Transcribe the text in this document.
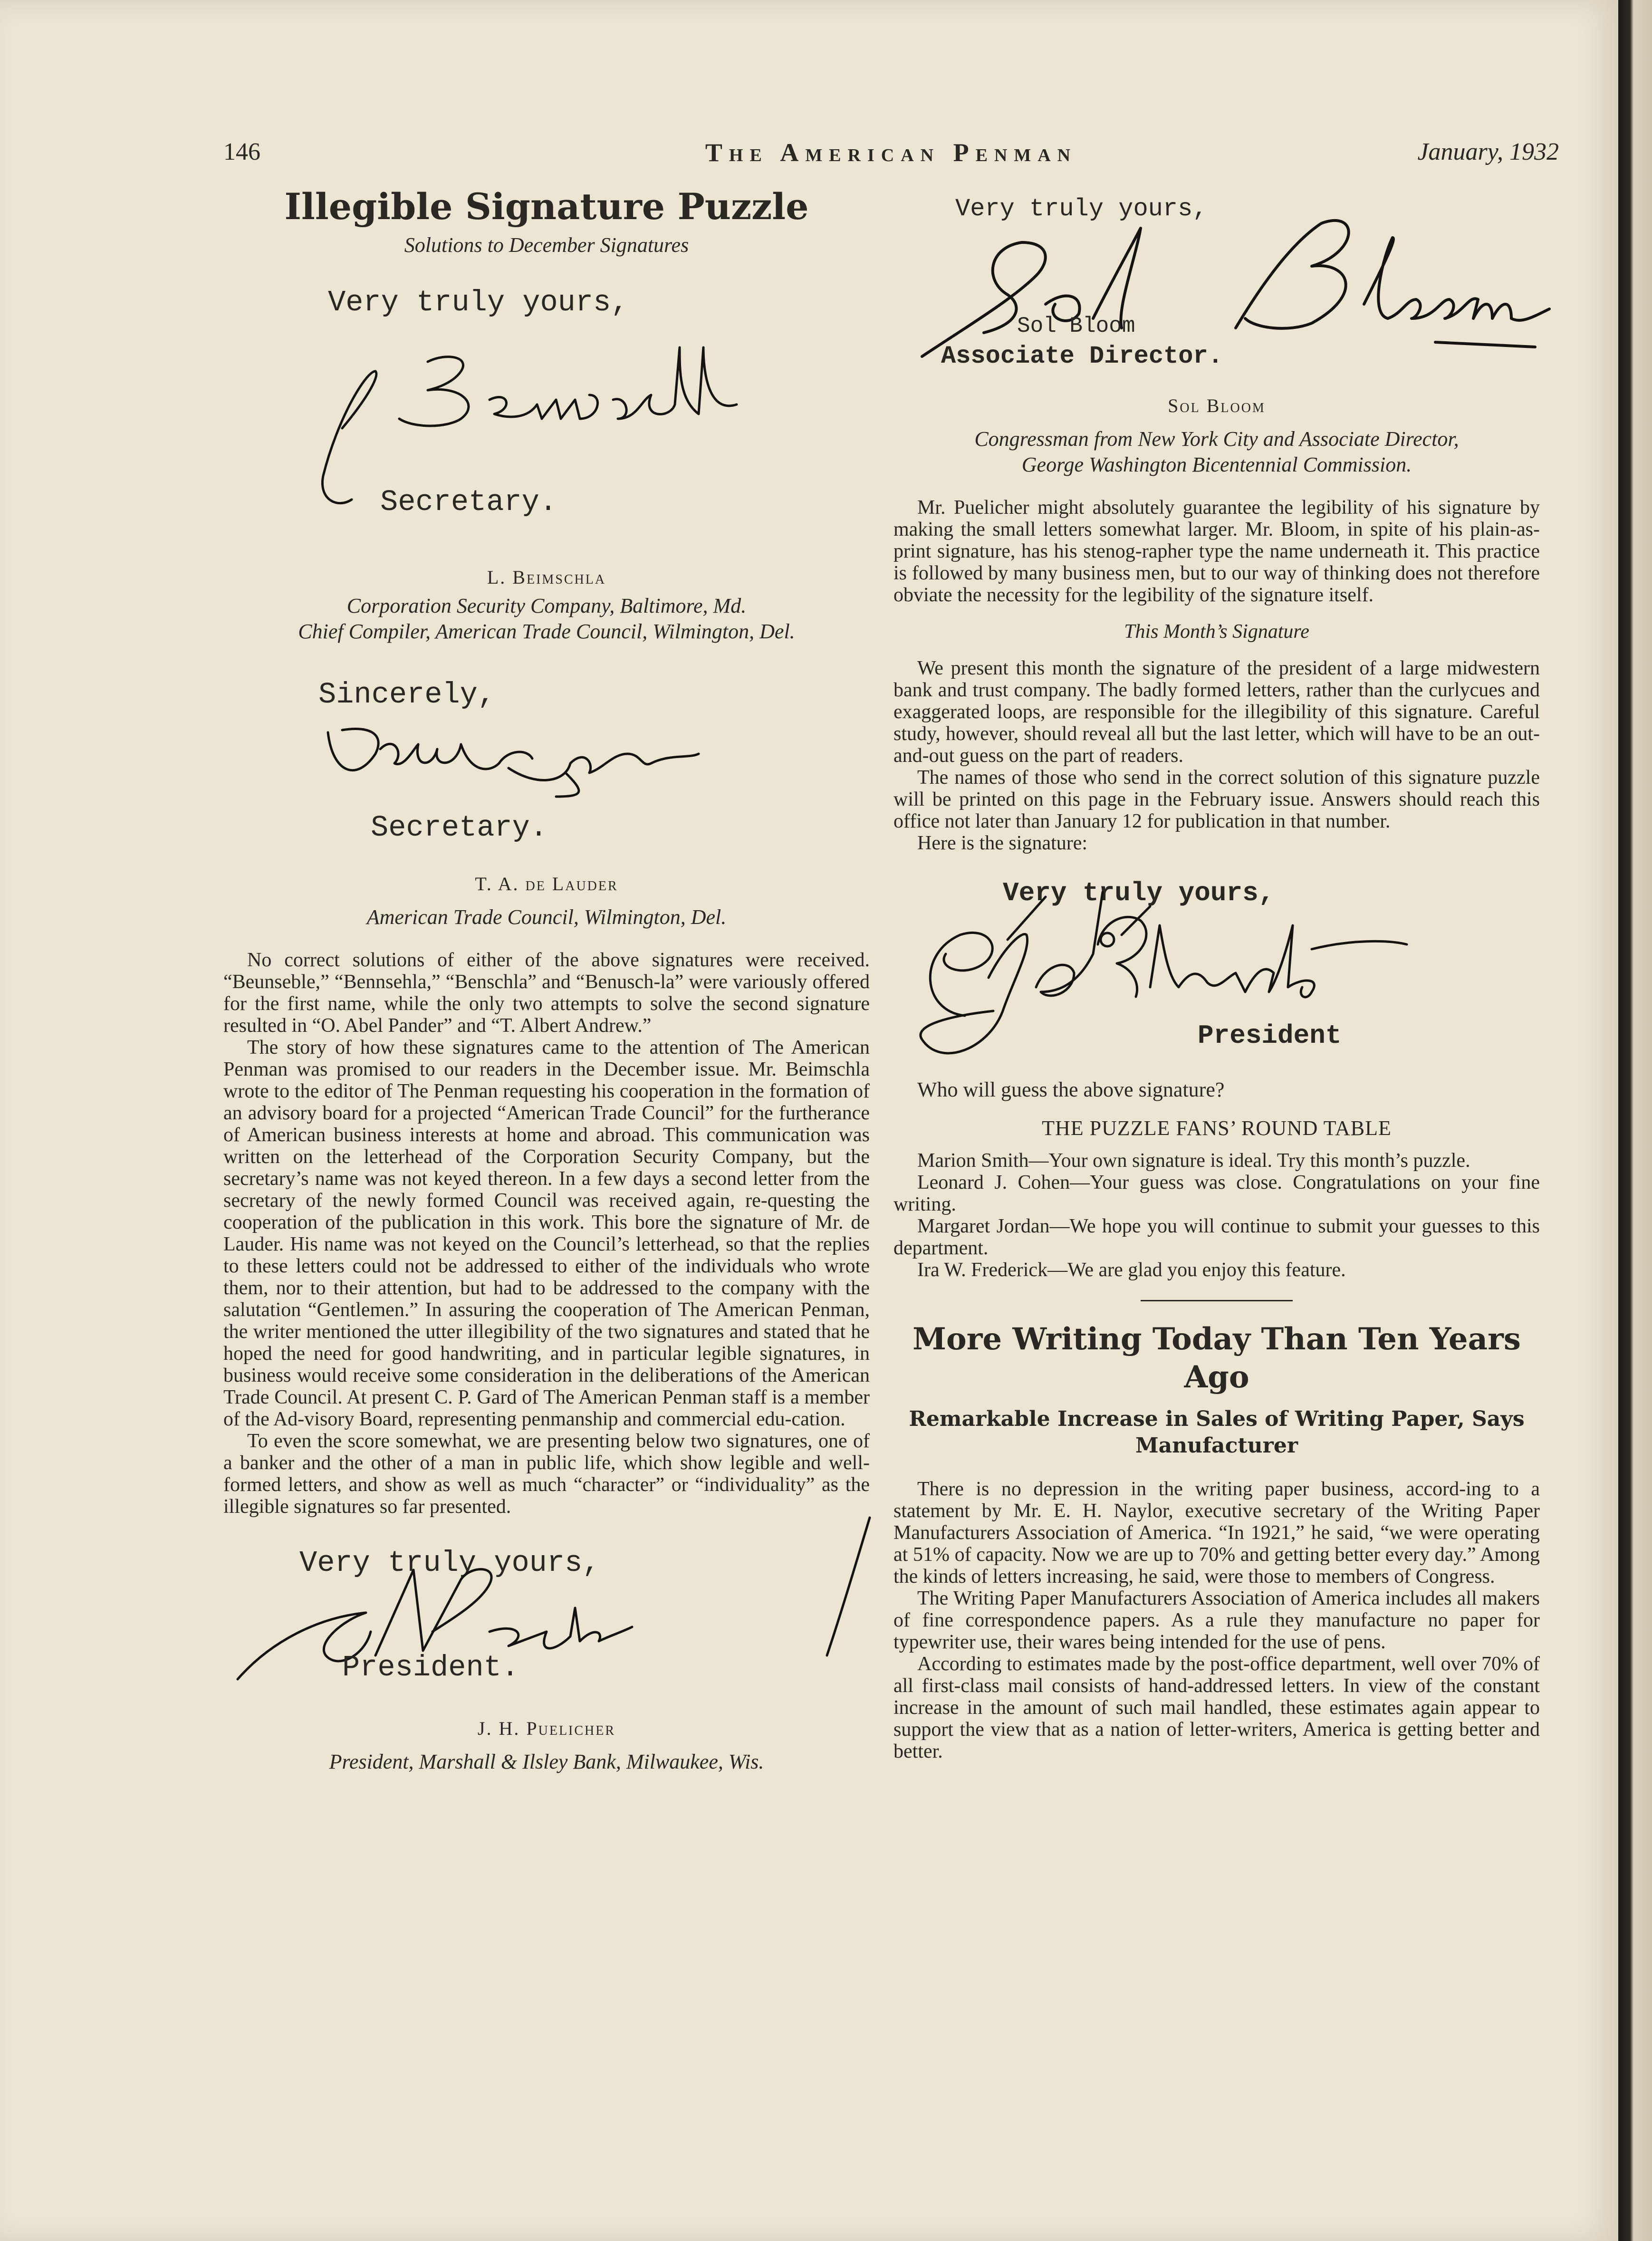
146	The American Penman	January, 1932
Illegible Signature Puzzle
Solutions to December Signatures
Very truly yours,
Secretary.
L. Beimschla
Corporation Security Company, Baltimore, Md.
Chief Compiler, American Trade Council, Wilmington, Del.
Sincerely,
Secretary.
T. A. de Lauder
American Trade Council, Wilmington, Del.

No correct solutions of either of the above signatures were received. “Beunseble,” “Bennsehla,” “Benschla” and “Benusch-la” were variously offered for the first name, while the only two attempts to solve the second signature resulted in “O. Abel Pander” and “T. Albert Andrew.”

The story of how these signatures came to the attention of The American Penman was promised to our readers in the December issue. Mr. Beimschla wrote to the editor of The Penman requesting his cooperation in the formation of an advisory board for a projected “American Trade Council” for the furtherance of American business interests at home and abroad. This communication was written on the letterhead of the Corporation Security Company, but the secretary’s name was not keyed thereon. In a few days a second letter from the secretary of the newly formed Council was received again, re-questing the cooperation of the publication in this work. This bore the signature of Mr. de Lauder. His name was not keyed on the Council’s letterhead, so that the replies to these letters could not be addressed to either of the individuals who wrote them, nor to their attention, but had to be addressed to the company with the salutation “Gentlemen.” In assuring the cooperation of The American Penman, the writer mentioned the utter illegibility of the two signatures and stated that he hoped the need for good handwriting, and in particular legible signatures, in business would receive some consideration in the deliberations of the American Trade Council. At present C. P. Gard of The American Penman staff is a member of the Ad-visory Board, representing penmanship and commercial edu-cation.

To even the score somewhat, we are presenting below two signatures, one of a banker and the other of a man in public life, which show legible and well-formed letters, and show as well as much “character” or “individuality” as the illegible signatures so far presented.

Very truly yours,
President.
J. H. Puelicher
President, Marshall & Ilsley Bank, Milwaukee, Wis.
Very truly yours,
Sol Bloom
Associate Director.
Sol Bloom
Congressman from New York City and Associate Director,
George Washington Bicentennial Commission.

Mr. Puelicher might absolutely guarantee the legibility of his signature by making the small letters somewhat larger. Mr. Bloom, in spite of his plain-as-print signature, has his stenog-rapher type the name underneath it. This practice is followed by many business men, but to our way of thinking does not therefore obviate the necessity for the legibility of the signature itself.

This Month’s Signature

We present this month the signature of the president of a large midwestern bank and trust company. The badly formed letters, rather than the curlycues and exaggerated loops, are responsible for the illegibility of this signature. Careful study, however, should reveal all but the last letter, which will have to be an out-and-out guess on the part of readers.

The names of those who send in the correct solution of this signature puzzle will be printed on this page in the February issue. Answers should reach this office not later than January 12 for publication in that number.

Here is the signature:

Very truly yours,
President
Who will guess the above signature?
THE PUZZLE FANS’ ROUND TABLE

Marion Smith—Your own signature is ideal. Try this month’s puzzle.

Leonard J. Cohen—Your guess was close. Congratulations on your fine writing.

Margaret Jordan—We hope you will continue to submit your guesses to this department.

Ira W. Frederick—We are glad you enjoy this feature.

More Writing Today Than Ten Years Ago
Remarkable Increase in Sales of Writing Paper, Says Manufacturer

There is no depression in the writing paper business, accord-ing to a statement by Mr. E. H. Naylor, executive secretary of the Writing Paper Manufacturers Association of America. “In 1921,” he said, “we were operating at 51% of capacity. Now we are up to 70% and getting better every day.” Among the kinds of letters increasing, he said, were those to members of Congress.

The Writing Paper Manufacturers Association of America includes all makers of fine correspondence papers. As a rule they manufacture no paper for typewriter use, their wares being intended for the use of pens.

According to estimates made by the post-office department, well over 70% of all first-class mail consists of hand-addressed letters. In view of the constant increase in the amount of such mail handled, these estimates again appear to support the view that as a nation of letter-writers, America is getting better and better.
